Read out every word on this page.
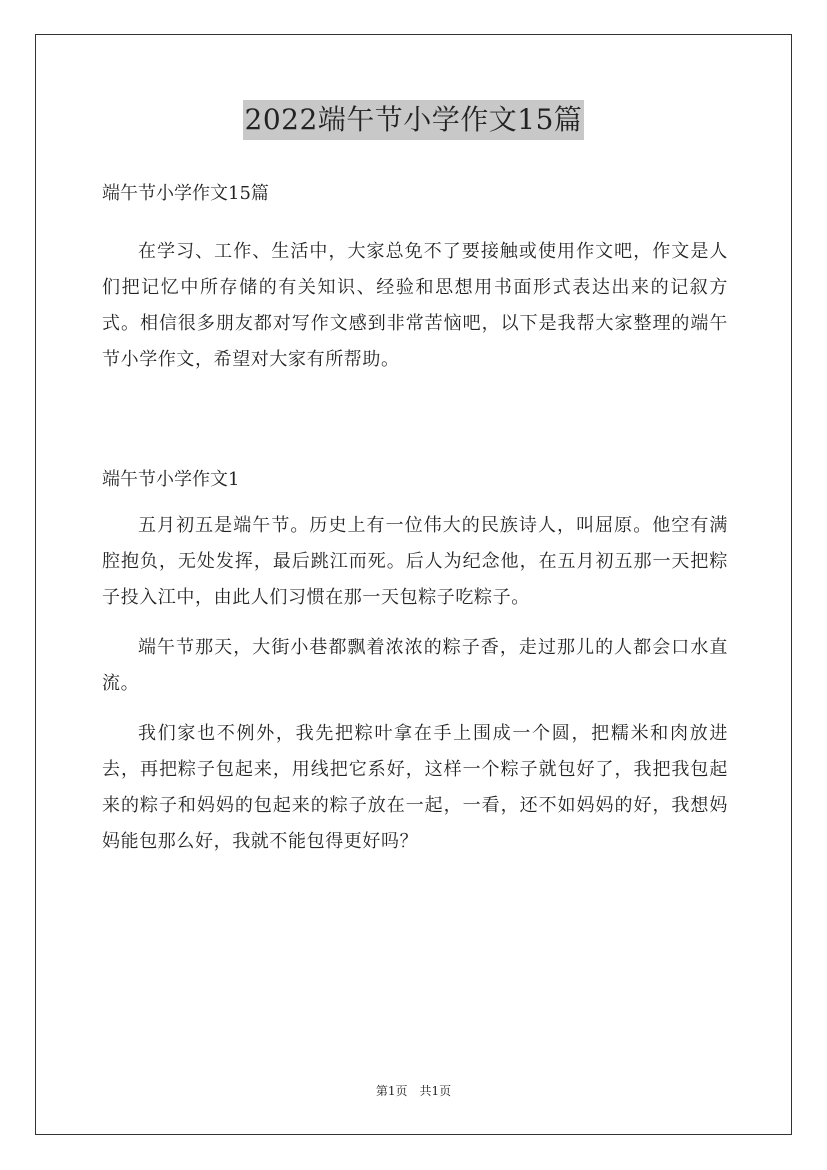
2022端午节小学作文15篇

端午节小学作文15篇

在学习、工作、生活中，大家总免不了要接触或使用作文吧，作文是人们把记忆中所存储的有关知识、经验和思想用书面形式表达出来的记叙方式。相信很多朋友都对写作文感到非常苦恼吧，以下是我帮大家整理的端午节小学作文，希望对大家有所帮助。

端午节小学作文1

五月初五是端午节。历史上有一位伟大的民族诗人，叫屈原。他空有满腔抱负，无处发挥，最后跳江而死。后人为纪念他，在五月初五那一天把粽子投入江中，由此人们习惯在那一天包粽子吃粽子。

端午节那天，大街小巷都飘着浓浓的粽子香，走过那儿的人都会口水直流。

我们家也不例外，我先把粽叶拿在手上围成一个圆，把糯米和肉放进去，再把粽子包起来，用线把它系好，这样一个粽子就包好了，我把我包起来的粽子和妈妈的包起来的粽子放在一起，一看，还不如妈妈的好，我想妈妈能包那么好，我就不能包得更好吗？

第1页　共1页
